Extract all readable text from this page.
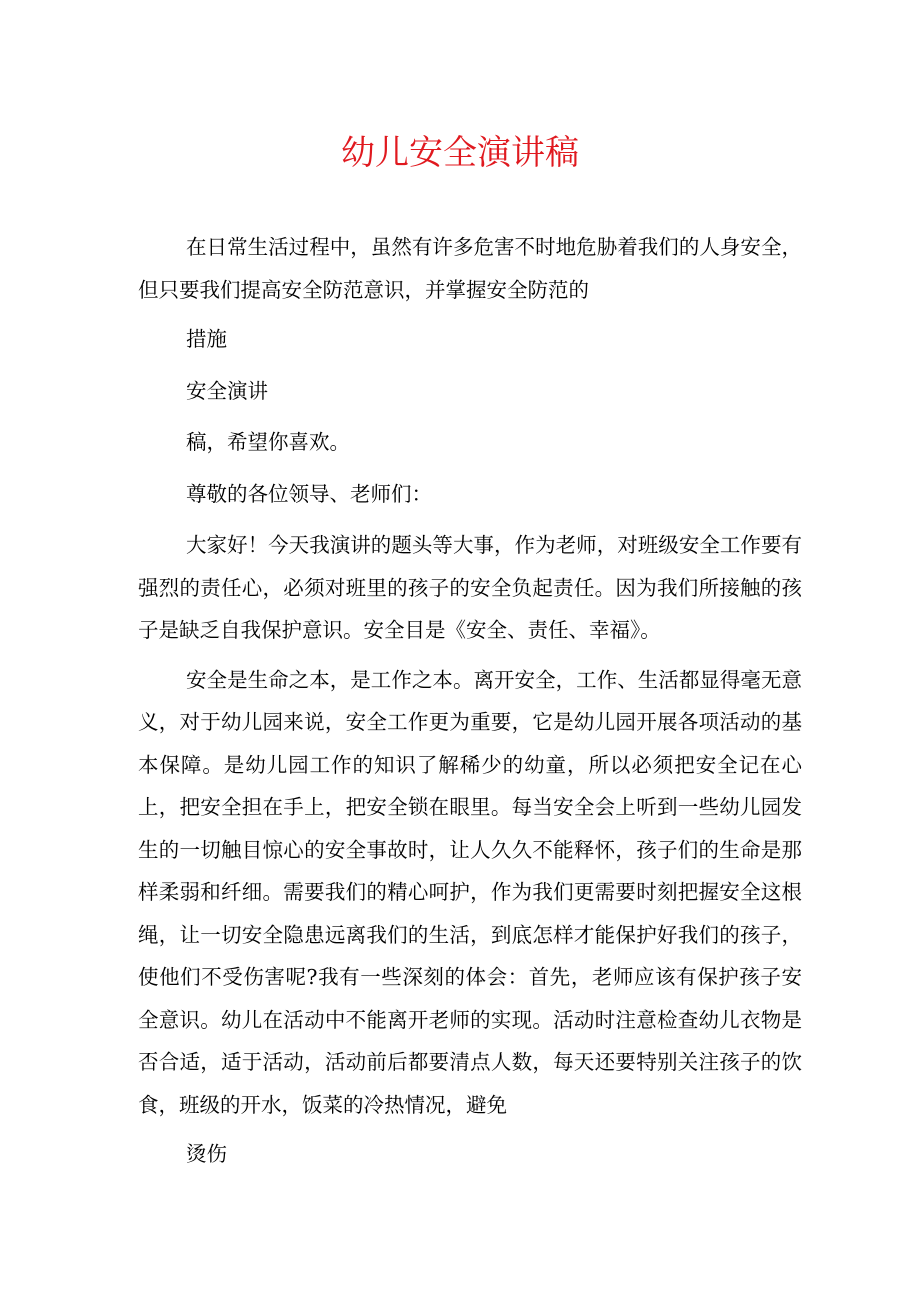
幼儿安全演讲稿

在日常生活过程中，虽然有许多危害不时地危胁着我们的人身安全，但只要我们提高安全防范意识，并掌握安全防范的

措施

安全演讲

稿，希望你喜欢。

尊敬的各位领导、老师们：

大家好！今天我演讲的题头等大事，作为老师，对班级安全工作要有强烈的责任心，必须对班里的孩子的安全负起责任。因为我们所接触的孩子是缺乏自我保护意识。安全目是《安全、责任、幸福》。

安全是生命之本，是工作之本。离开安全，工作、生活都显得毫无意义，对于幼儿园来说，安全工作更为重要，它是幼儿园开展各项活动的基本保障。是幼儿园工作的知识了解稀少的幼童，所以必须把安全记在心上，把安全担在手上，把安全锁在眼里。每当安全会上听到一些幼儿园发生的一切触目惊心的安全事故时，让人久久不能释怀，孩子们的生命是那样柔弱和纤细。需要我们的精心呵护，作为我们更需要时刻把握安全这根绳，让一切安全隐患远离我们的生活，到底怎样才能保护好我们的孩子，使他们不受伤害呢?我有一些深刻的体会：首先，老师应该有保护孩子安全意识。幼儿在活动中不能离开老师的实现。活动时注意检查幼儿衣物是否合适，适于活动，活动前后都要清点人数，每天还要特别关注孩子的饮食，班级的开水，饭菜的冷热情况，避免

烫伤
